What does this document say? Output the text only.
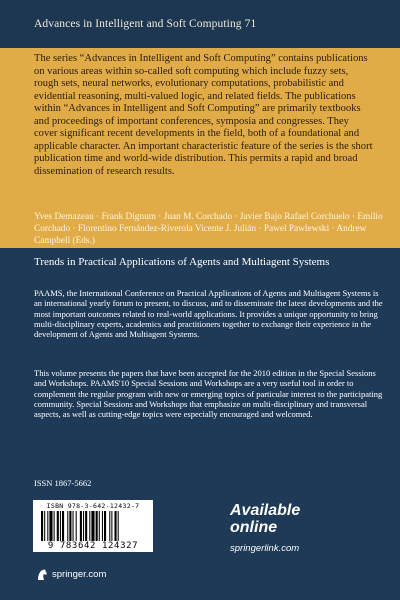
Advances in Intelligent and Soft Computing 71

The series “Advances in Intelligent and Soft Computing” contains publications on various areas within so-called soft computing which include fuzzy sets, rough sets, neural networks, evolutionary computations, probabilistic and evidential reasoning, multi-valued logic, and related fields. The publications within “Advances in Intelligent and Soft Computing” are primarily textbooks and proceedings of important conferences, symposia and congresses. They cover significant recent developments in the field, both of a foundational and applicable character. An important characteristic feature of the series is the short publication time and world-wide distribution. This permits a rapid and broad dissemination of research results.

Yves Demazeau · Frank Dignum · Juan M. Corchado · Javier Bajo Rafael Corchuelo · Emilio Corchado · Florentino Fernández-Riverola Vicente J. Julián · Pawel Pawlewski · Andrew Campbell (Eds.)

Trends in Practical Applications of Agents and Multiagent Systems

PAAMS, the International Conference on Practical Applications of Agents and Multiagent Systems is an international yearly forum to present, to discuss, and to disseminate the latest developments and the most important outcomes related to real-world applications. It provides a unique opportunity to bring multi-disciplinary experts, academics and practitioners together to exchange their experience in the development of Agents and Multiagent Systems.

This volume presents the papers that have been accepted for the 2010 edition in the Special Sessions and Workshops. PAAMS'10 Special Sessions and Workshops are a very useful tool in order to complement the regular program with new or emerging topics of particular interest to the participating community. Special Sessions and Workshops that emphasize on multi-disciplinary and transversal aspects, as well as cutting-edge topics were especially encouraged and welcomed.

ISSN 1867-5662

ISBN 978-3-642-12432-7
9 783642 124327
Available online
springerlink.com
springer.com
